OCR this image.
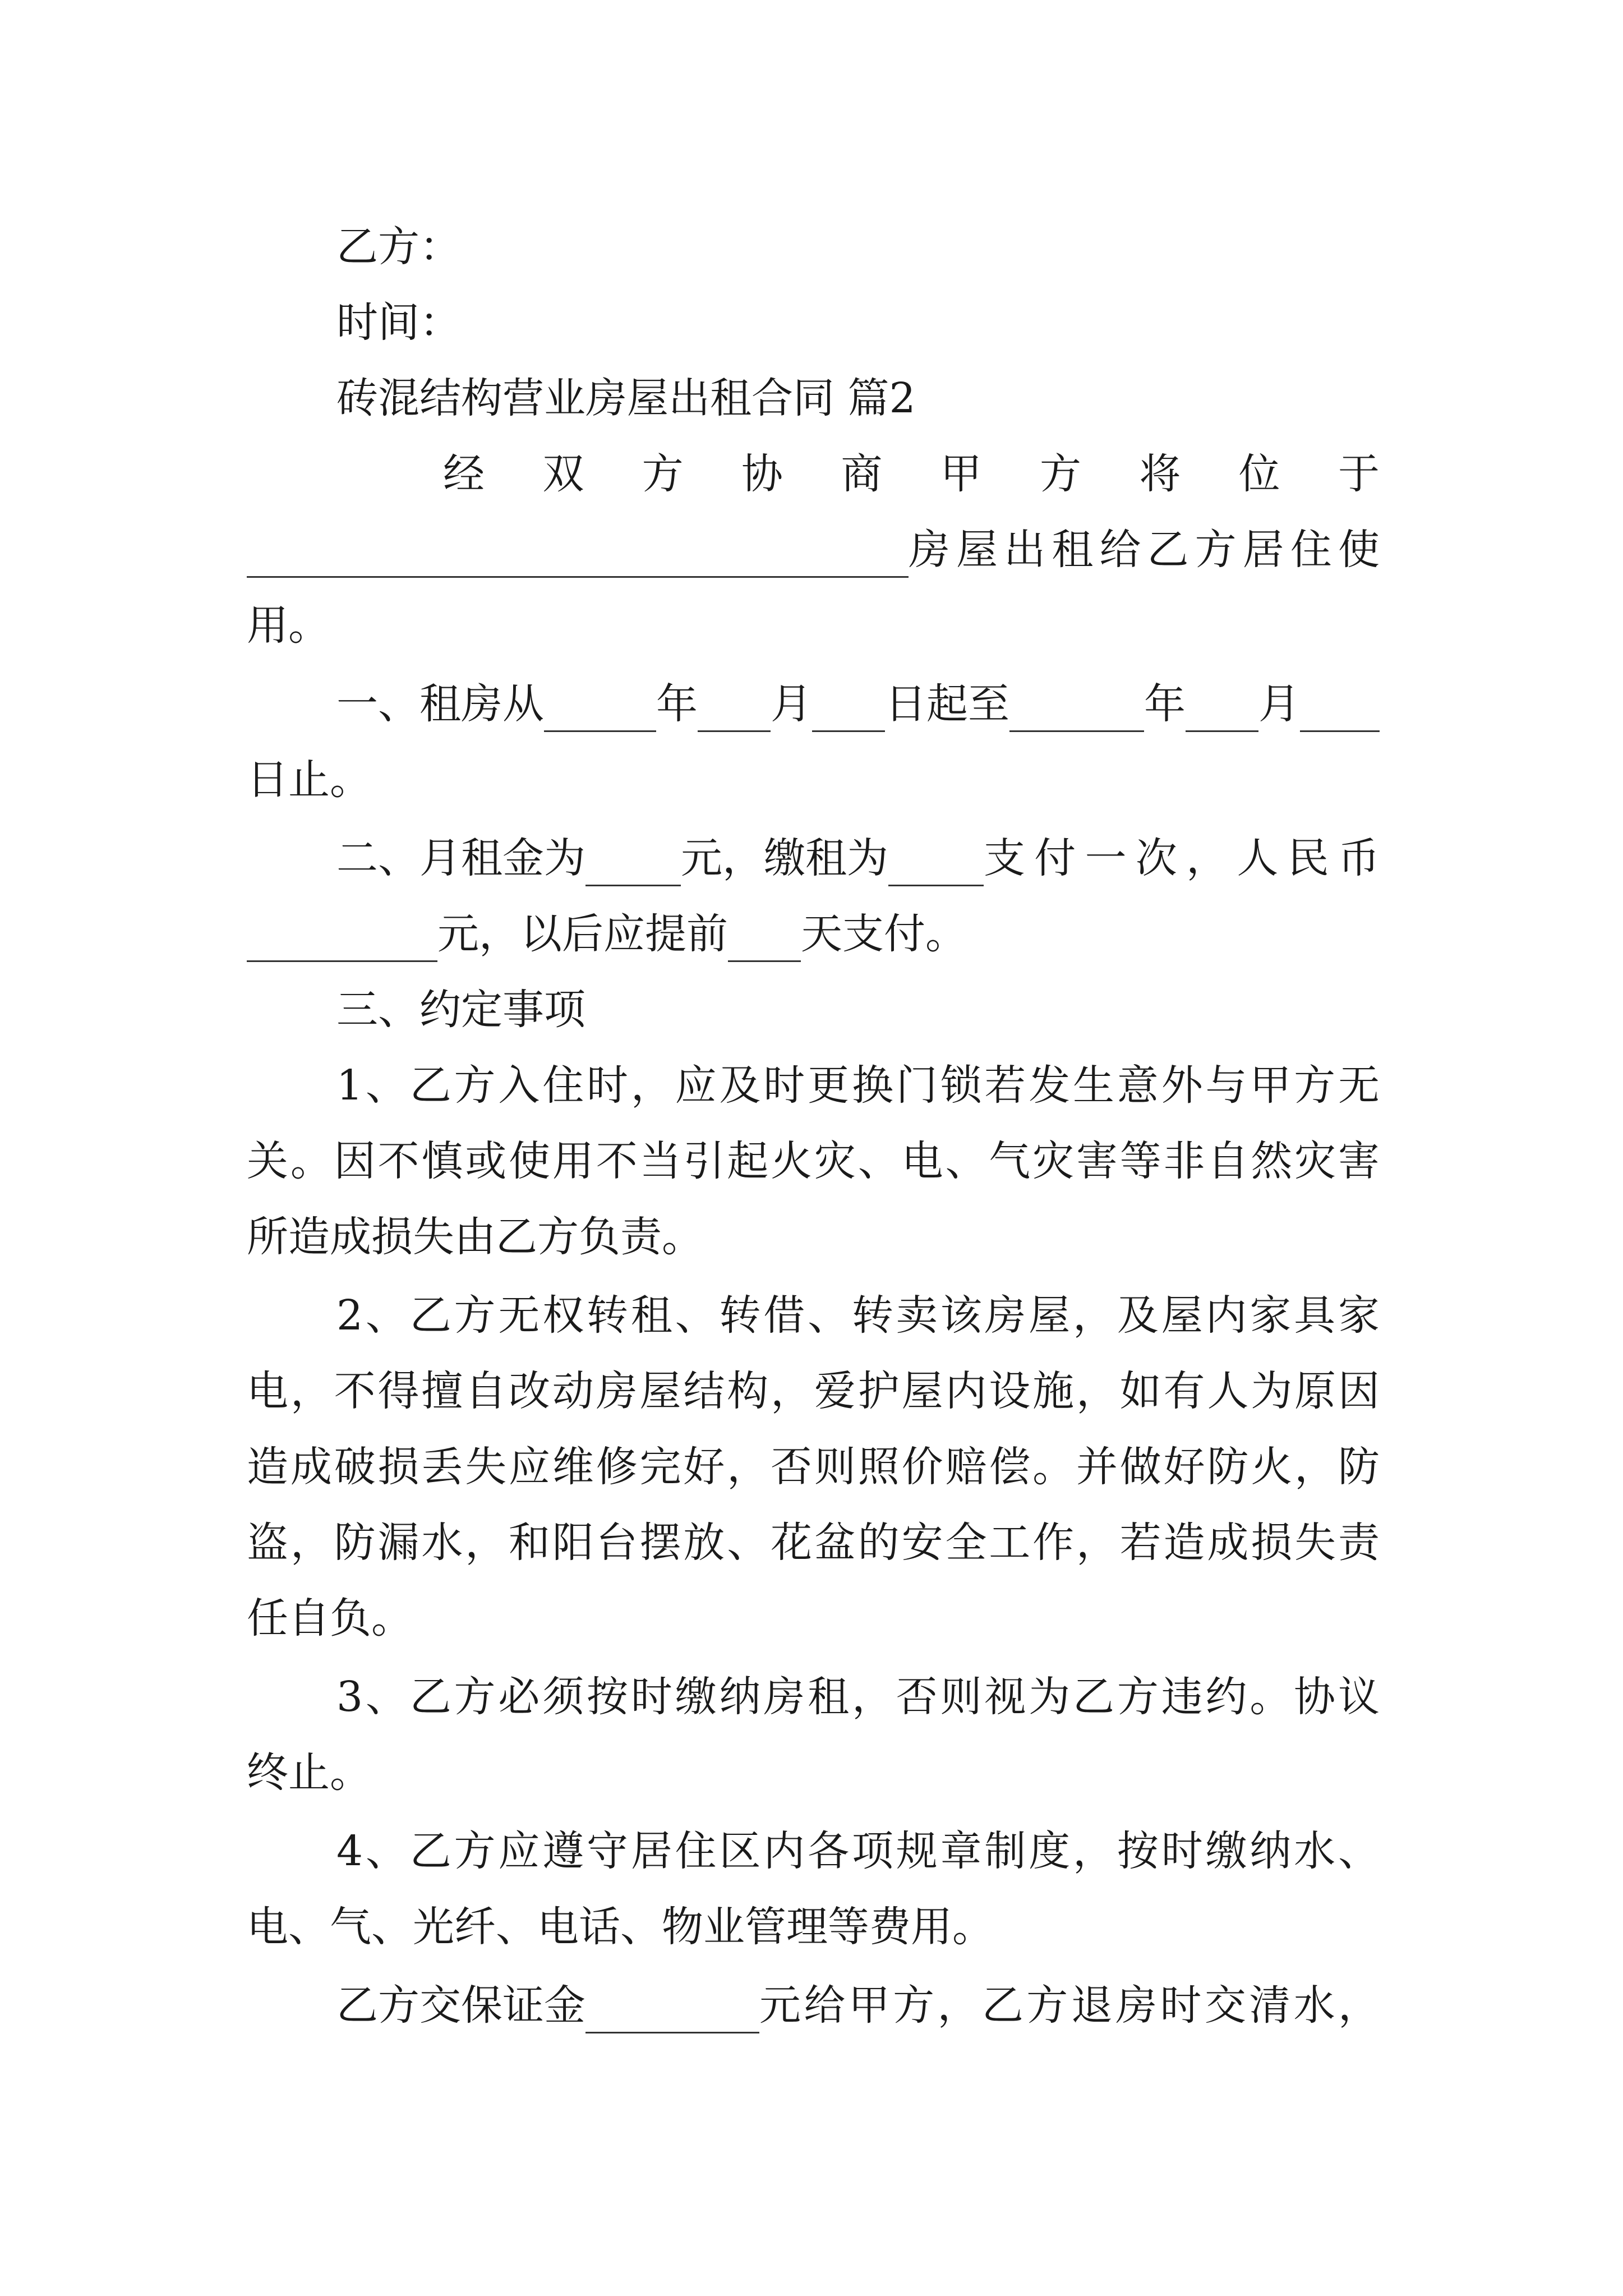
乙方：
时间：
砖混结构营业房屋出租合同 篇2
经双方协商甲方将位于
房屋出租给乙方居住使
用。
一、租房从	年 月 日起至	年 月
日止。
二、月租金为 元，缴租为 支付一次，人民币
元，以后应提前 天支付。
三、约定事项
1、乙方入住时，应及时更换门锁若发生意外与甲方无
关。因不慎或使用不当引起火灾、电、气灾害等非自然灾害
所造成损失由乙方负责。
2、乙方无权转租、转借、转卖该房屋，及屋内家具家
电，不得擅自改动房屋结构，爱护屋内设施，如有人为原因
造成破损丢失应维修完好，否则照价赔偿。并做好防火，防
盗，防漏水，和阳台摆放、花盆的安全工作，若造成损失责
任自负。
3、乙方必须按时缴纳房租，否则视为乙方违约。协议
终止。
4、乙方应遵守居住区内各项规章制度，按时缴纳水、
电、气、光纤、电话、物业管理等费用。
乙方交保证金	元给甲方，乙方退房时交清水，
